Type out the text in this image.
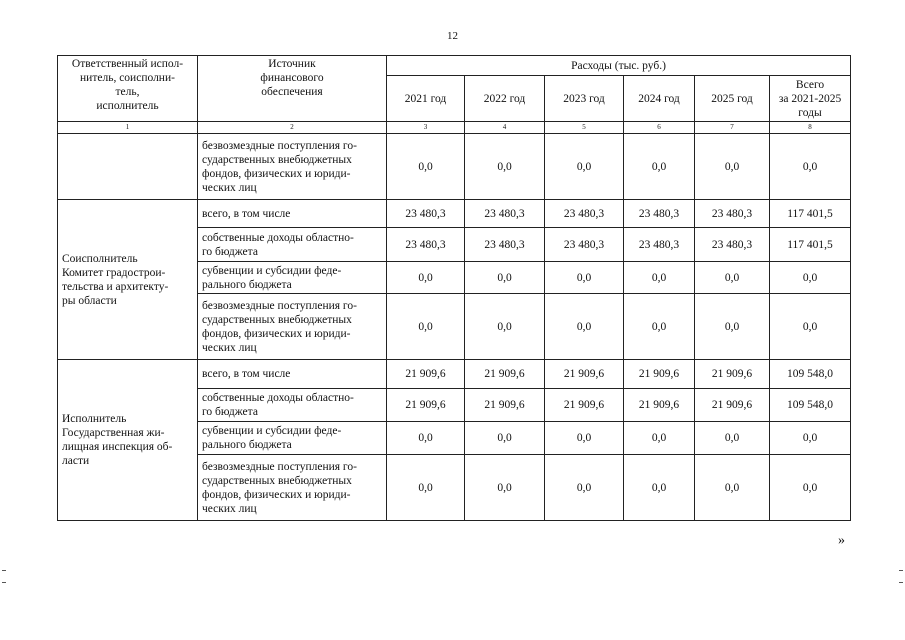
12
Ответственный испол-
нитель, соисполни-
тель,
исполнитель	Источник
финансового
обеспечения	Расходы (тыс. руб.)					
		2021 год	2022 год	2023 год	2024 год	2025 год	Всего
за 2021-2025
годы
1	2	3	4	5	6	7	8
	безвозмездные поступления го-
сударственных внебюджетных
фондов, физических и юриди-
ческих лиц	0,0	0,0	0,0	0,0	0,0	0,0
Соисполнитель
Комитет градострои-
тельства и архитекту-
ры области	всего, в том числе	23 480,3	23 480,3	23 480,3	23 480,3	23 480,3	117 401,5
	собственные доходы областно-
го бюджета	23 480,3	23 480,3	23 480,3	23 480,3	23 480,3	117 401,5
	субвенции и субсидии феде-
рального бюджета	0,0	0,0	0,0	0,0	0,0	0,0
	безвозмездные поступления го-
сударственных внебюджетных
фондов, физических и юриди-
ческих лиц	0,0	0,0	0,0	0,0	0,0	0,0
Исполнитель
Государственная жи-
лищная инспекция об-
ласти	всего, в том числе	21 909,6	21 909,6	21 909,6	21 909,6	21 909,6	109 548,0
	собственные доходы областно-
го бюджета	21 909,6	21 909,6	21 909,6	21 909,6	21 909,6	109 548,0
	субвенции и субсидии феде-
рального бюджета	0,0	0,0	0,0	0,0	0,0	0,0
	безвозмездные поступления го-
сударственных внебюджетных
фондов, физических и юриди-
ческих лиц	0,0	0,0	0,0	0,0	0,0	0,0
»
